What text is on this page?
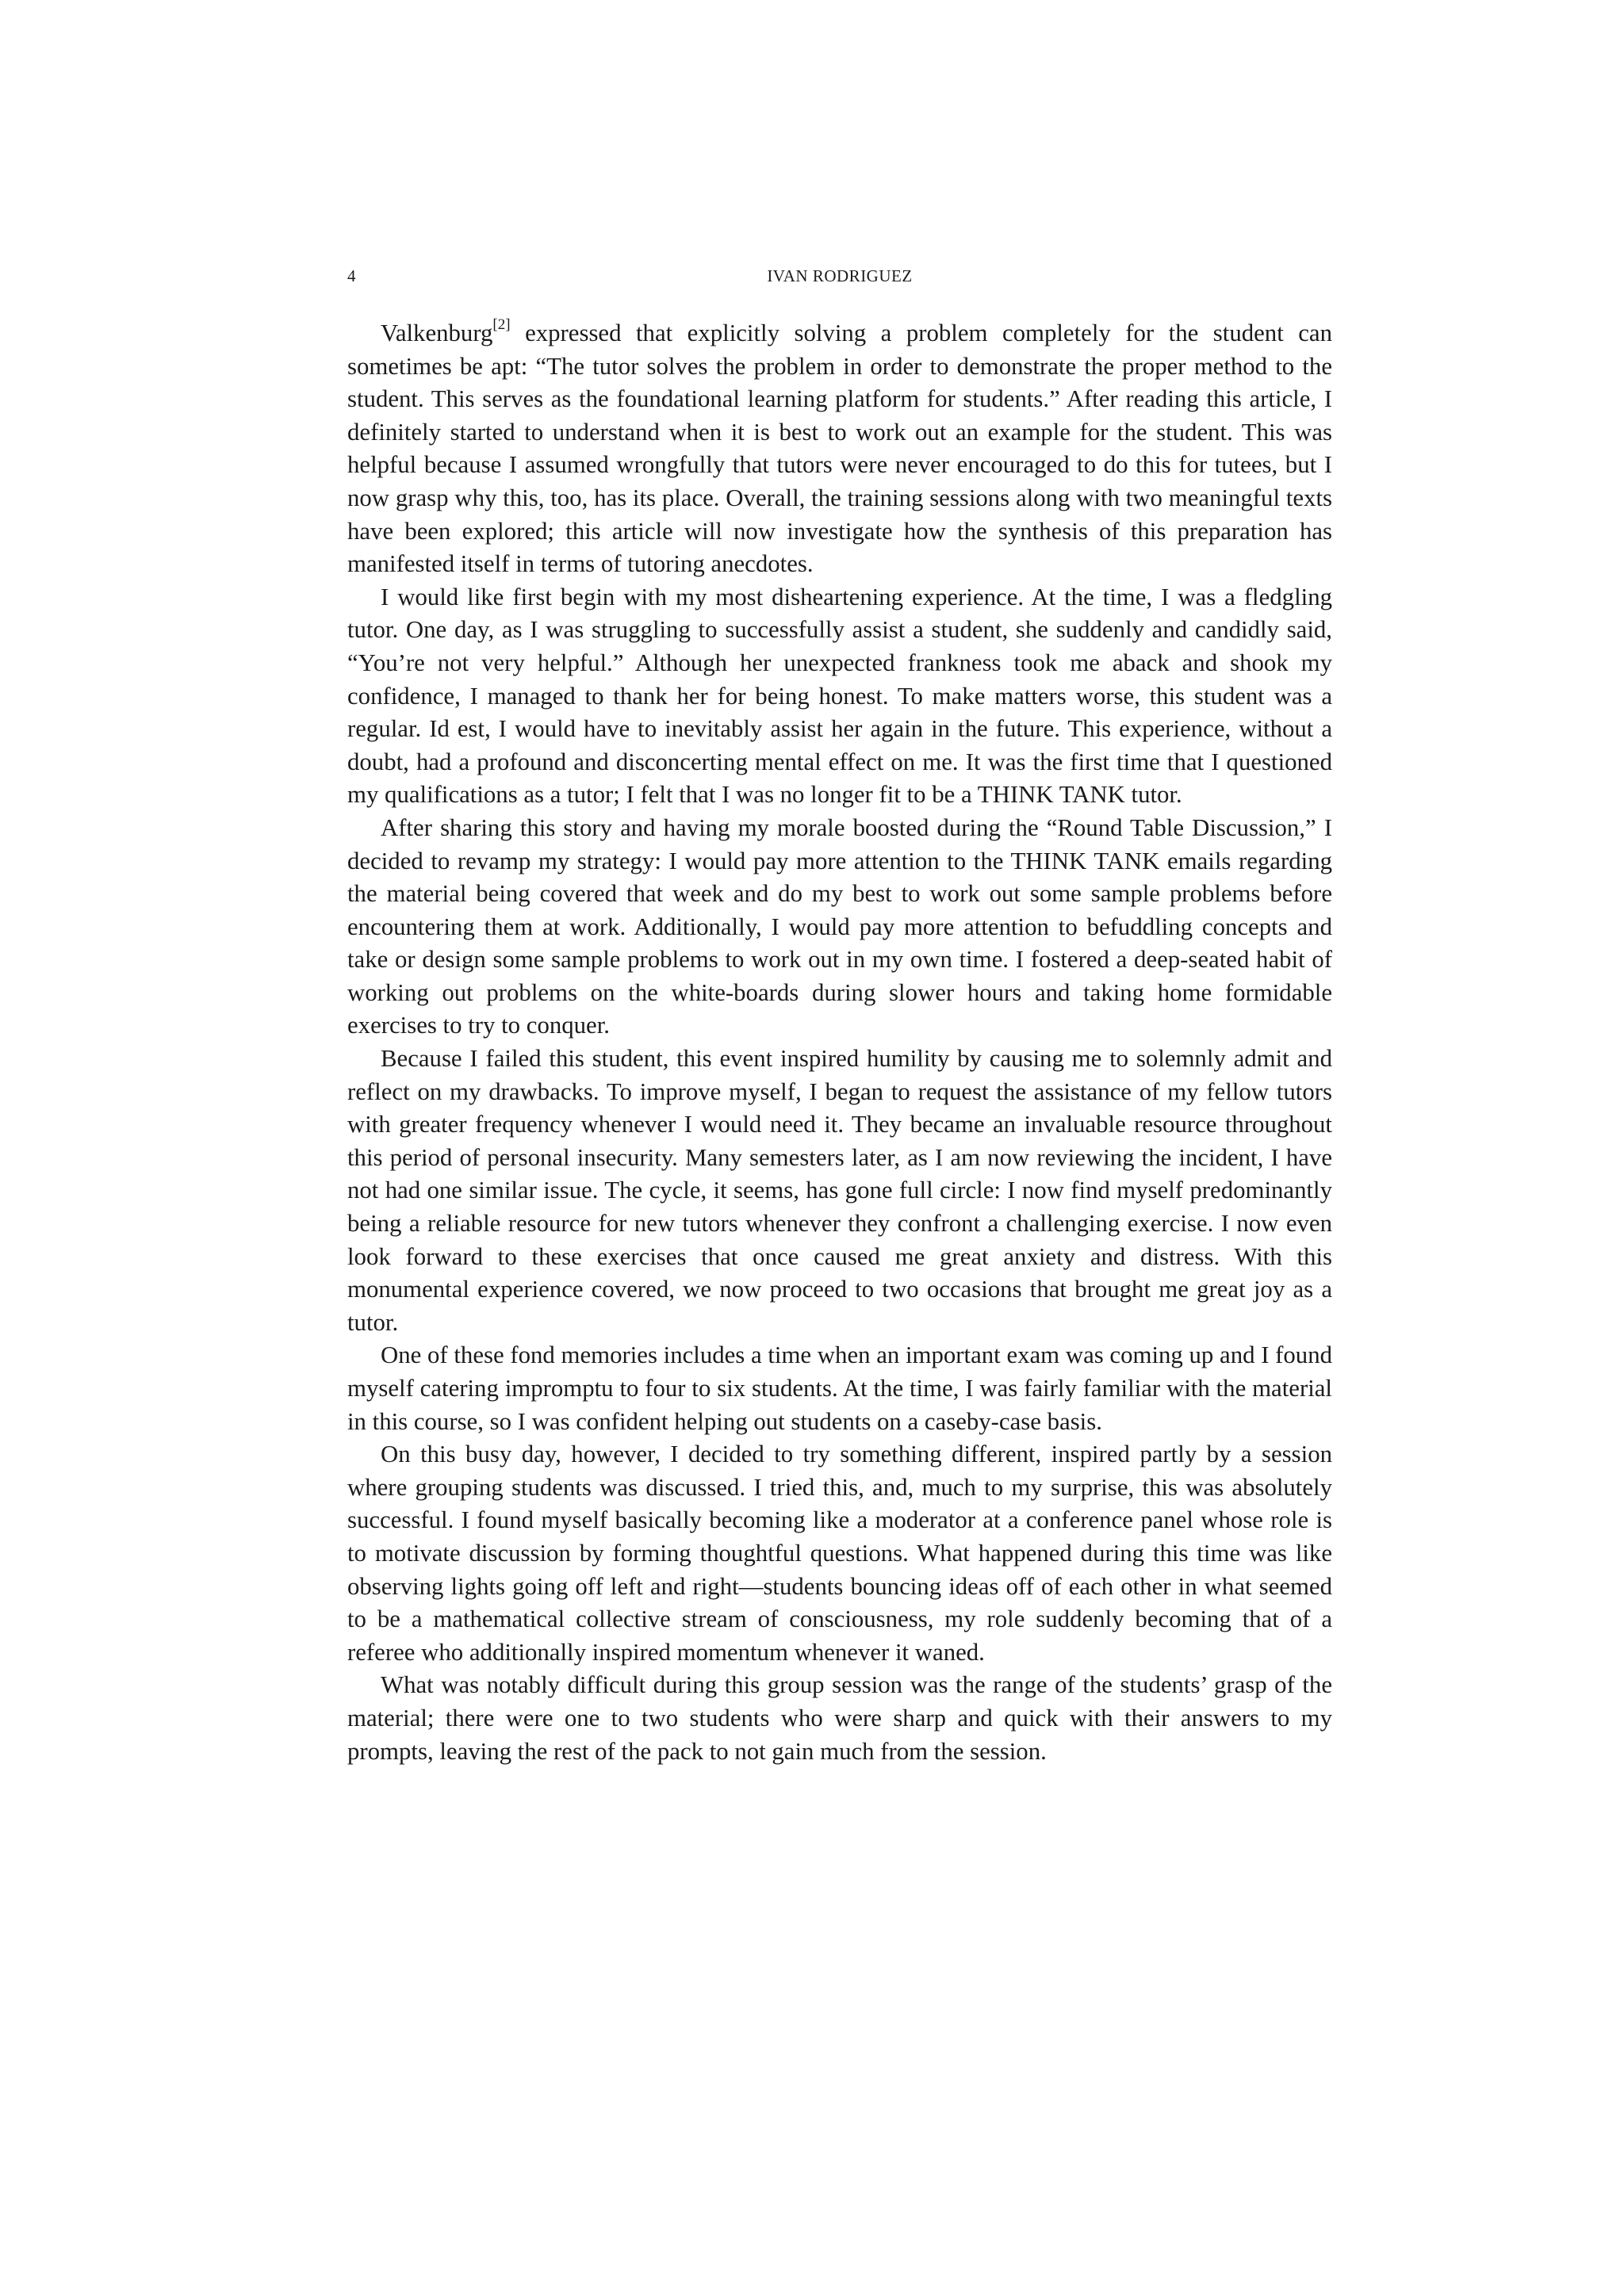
4	IVAN RODRIGUEZ

Valkenburg[2] expressed that explicitly solving a problem completely for the student can sometimes be apt: “The tutor solves the problem in order to demonstrate the proper method to the student. This serves as the foundational learning platform for students.” After reading this article, I definitely started to understand when it is best to work out an example for the student. This was helpful because I assumed wrongfully that tutors were never encouraged to do this for tutees, but I now grasp why this, too, has its place. Overall, the training sessions along with two meaningful texts have been explored; this article will now investigate how the synthesis of this preparation has manifested itself in terms of tutoring anecdotes.

I would like first begin with my most disheartening experience. At the time, I was a fledgling tutor. One day, as I was struggling to successfully assist a student, she suddenly and candidly said, “You’re not very helpful.” Although her unexpected frankness took me aback and shook my confidence, I managed to thank her for being honest. To make matters worse, this student was a regular. Id est, I would have to inevitably assist her again in the future. This experience, without a doubt, had a profound and disconcerting mental effect on me. It was the first time that I questioned my qualifications as a tutor; I felt that I was no longer fit to be a THINK TANK tutor.

After sharing this story and having my morale boosted during the “Round Table Discussion,” I decided to revamp my strategy: I would pay more attention to the THINK TANK emails regarding the material being covered that week and do my best to work out some sample problems before encountering them at work. Additionally, I would pay more attention to befuddling concepts and take or design some sample problems to work out in my own time. I fostered a deep-seated habit of working out problems on the white-boards during slower hours and taking home formidable exercises to try to conquer.

Because I failed this student, this event inspired humility by causing me to solemnly admit and reflect on my drawbacks. To improve myself, I began to request the assistance of my fellow tutors with greater frequency whenever I would need it. They became an invaluable resource throughout this period of personal insecurity. Many semesters later, as I am now reviewing the incident, I have not had one similar issue. The cycle, it seems, has gone full circle: I now find myself predominantly being a reliable resource for new tutors whenever they confront a challenging exercise. I now even look forward to these exercises that once caused me great anxiety and distress. With this monumental experience covered, we now proceed to two occasions that brought me great joy as a tutor.

One of these fond memories includes a time when an important exam was coming up and I found myself catering impromptu to four to six students. At the time, I was fairly familiar with the material in this course, so I was confident helping out students on a caseby-case basis.

On this busy day, however, I decided to try something different, inspired partly by a session where grouping students was discussed. I tried this, and, much to my surprise, this was absolutely successful. I found myself basically becoming like a moderator at a conference panel whose role is to motivate discussion by forming thoughtful questions. What happened during this time was like observing lights going off left and right—students bouncing ideas off of each other in what seemed to be a mathematical collective stream of consciousness, my role suddenly becoming that of a referee who additionally inspired momentum whenever it waned.

What was notably difficult during this group session was the range of the students’ grasp of the material; there were one to two students who were sharp and quick with their answers to my prompts, leaving the rest of the pack to not gain much from the session.
